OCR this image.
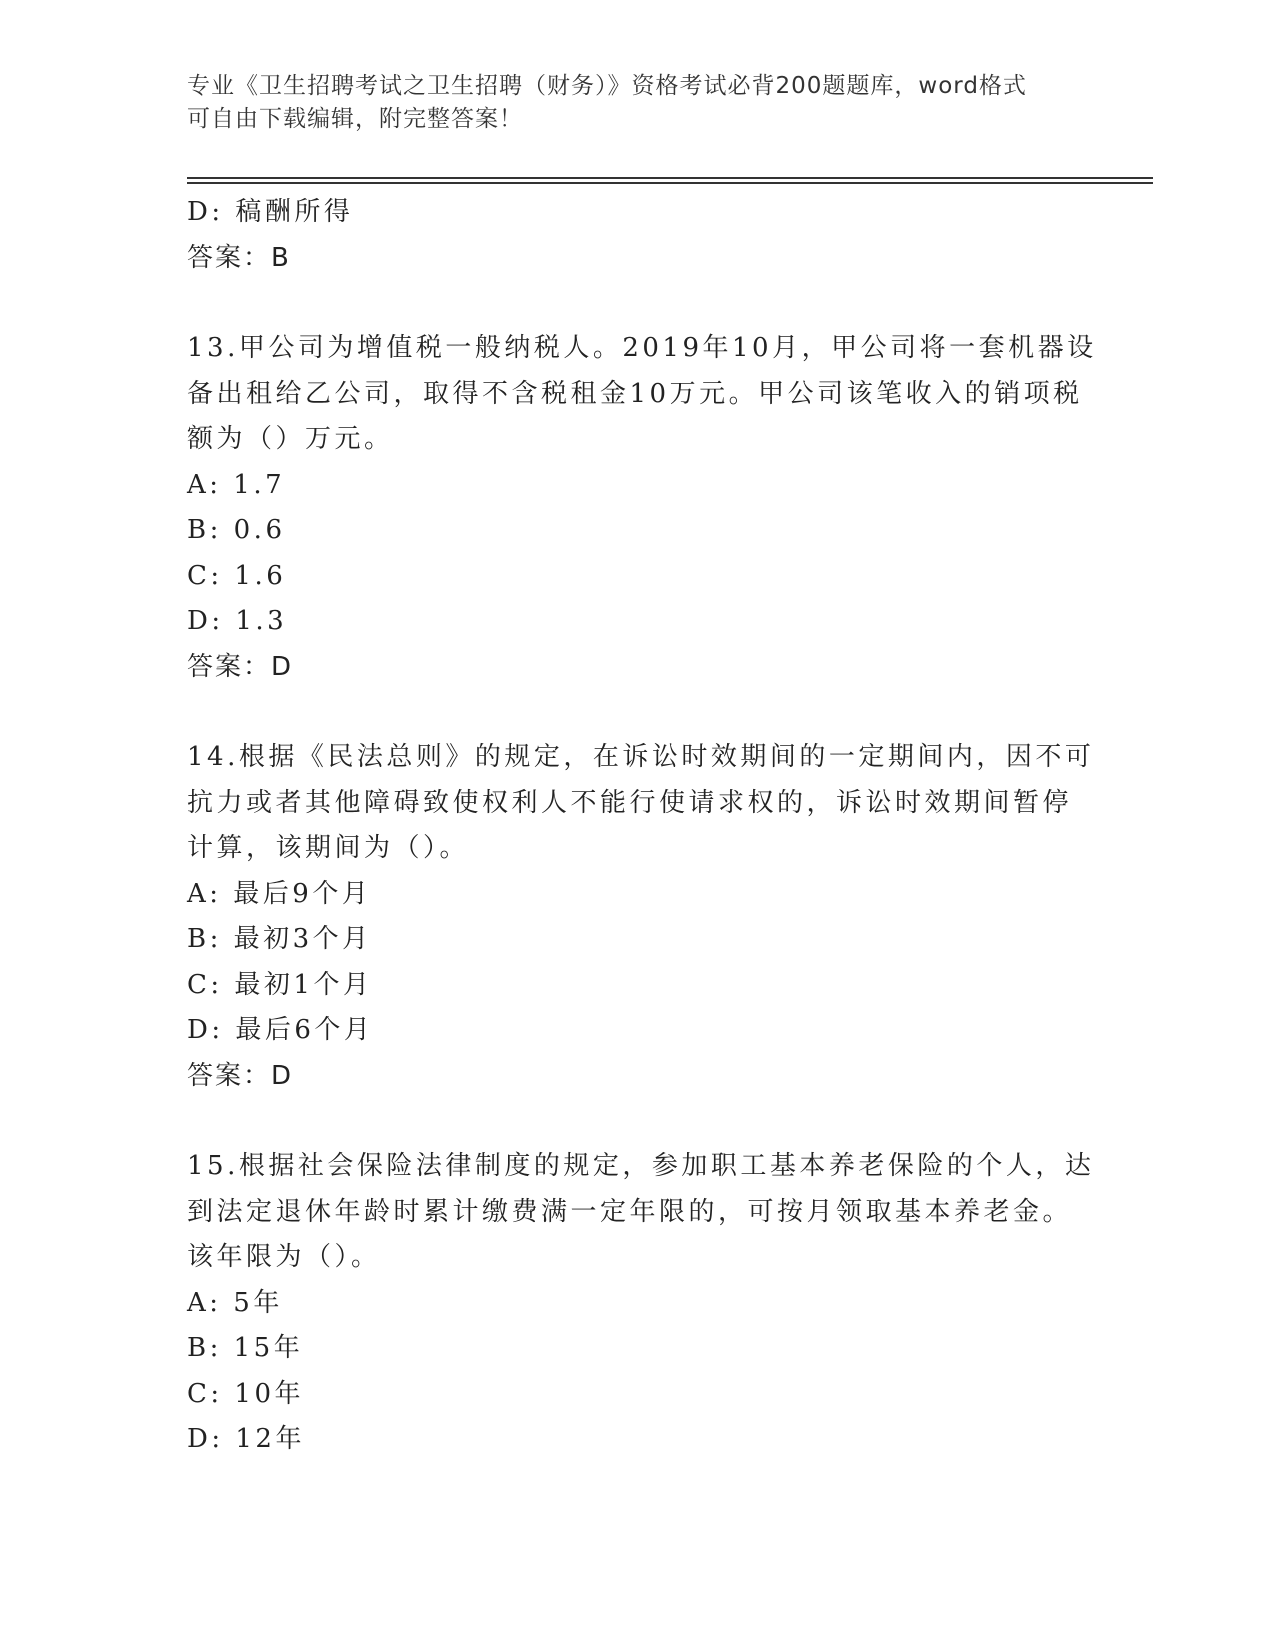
专业《卫生招聘考试之卫生招聘（财务）》资格考试必背200题题库，word格式
可自由下载编辑，附完整答案！
D: 稿酬所得
答案：B
13.甲公司为增值税一般纳税人。2019年10月，甲公司将一套机器设
备出租给乙公司，取得不含税租金10万元。甲公司该笔收入的销项税
额为（）万元。
A: 1.7
B: 0.6
C: 1.6
D: 1.3
答案：D
14.根据《民法总则》的规定，在诉讼时效期间的一定期间内，因不可
抗力或者其他障碍致使权利人不能行使请求权的，诉讼时效期间暂停
计算，该期间为（）。
A: 最后9个月
B: 最初3个月
C: 最初1个月
D: 最后6个月
答案：D
15.根据社会保险法律制度的规定，参加职工基本养老保险的个人，达
到法定退休年龄时累计缴费满一定年限的，可按月领取基本养老金。
该年限为（）。
A: 5年
B: 15年
C: 10年
D: 12年
